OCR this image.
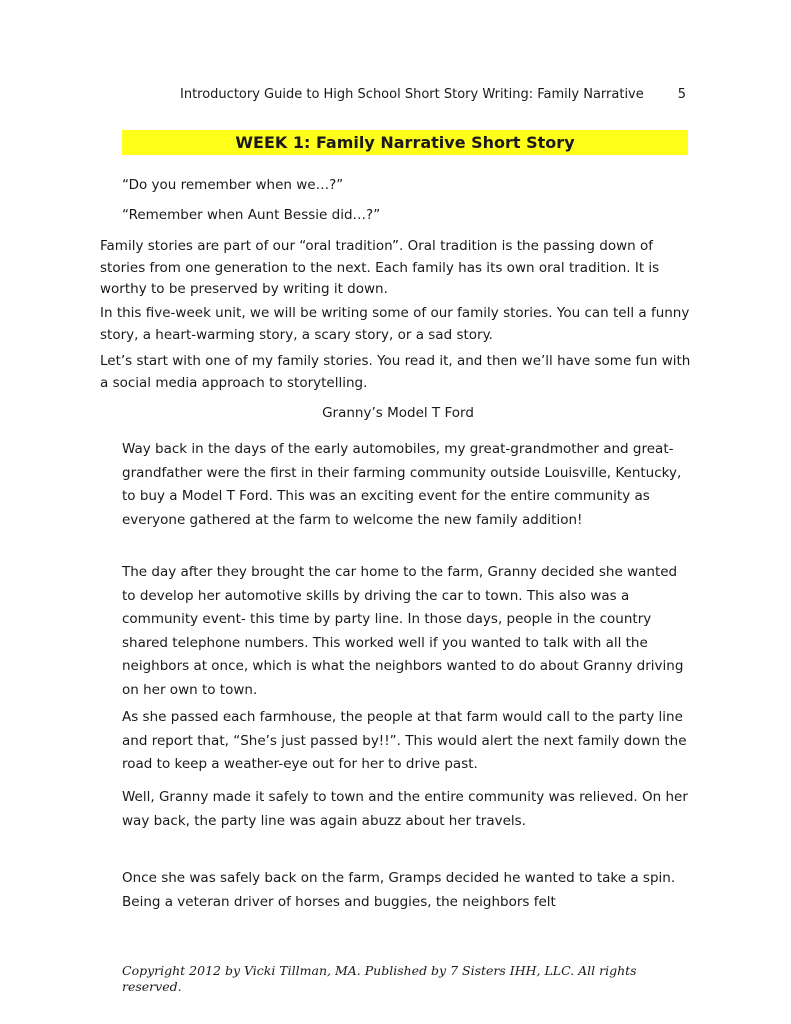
Introductory Guide to High School Short Story Writing: Family Narrative	5
WEEK 1: Family Narrative Short Story

“Do you remember when we…?”

“Remember when Aunt Bessie did…?”

Family stories are part of our “oral tradition”. Oral tradition is the passing down of stories from one generation to the next. Each family has its own oral tradition. It is worthy to be preserved by writing it down.

In this five-week unit, we will be writing some of our family stories. You can tell a funny story, a heart-warming story, a scary story, or a sad story.

Let’s start with one of my family stories. You read it, and then we’ll have some fun with a social media approach to storytelling.

Granny’s Model T Ford

Way back in the days of the early automobiles, my great-grandmother and great-grandfather were the first in their farming community outside Louisville, Kentucky, to buy a Model T Ford. This was an exciting event for the entire community as everyone gathered at the farm to welcome the new family addition!

The day after they brought the car home to the farm, Granny decided she wanted to develop her automotive skills by driving the car to town. This also was a community event- this time by party line. In those days, people in the country shared telephone numbers. This worked well if you wanted to talk with all the neighbors at once, which is what the neighbors wanted to do about Granny driving on her own to town.

As she passed each farmhouse, the people at that farm would call to the party line and report that, “She’s just passed by!!”. This would alert the next family down the road to keep a weather-eye out for her to drive past.

Well, Granny made it safely to town and the entire community was relieved. On her way back, the party line was again abuzz about her travels.

Once she was safely back on the farm, Gramps decided he wanted to take a spin. Being a veteran driver of horses and buggies, the neighbors felt

Copyright 2012 by Vicki Tillman, MA. Published by 7 Sisters IHH, LLC. All rights reserved.
